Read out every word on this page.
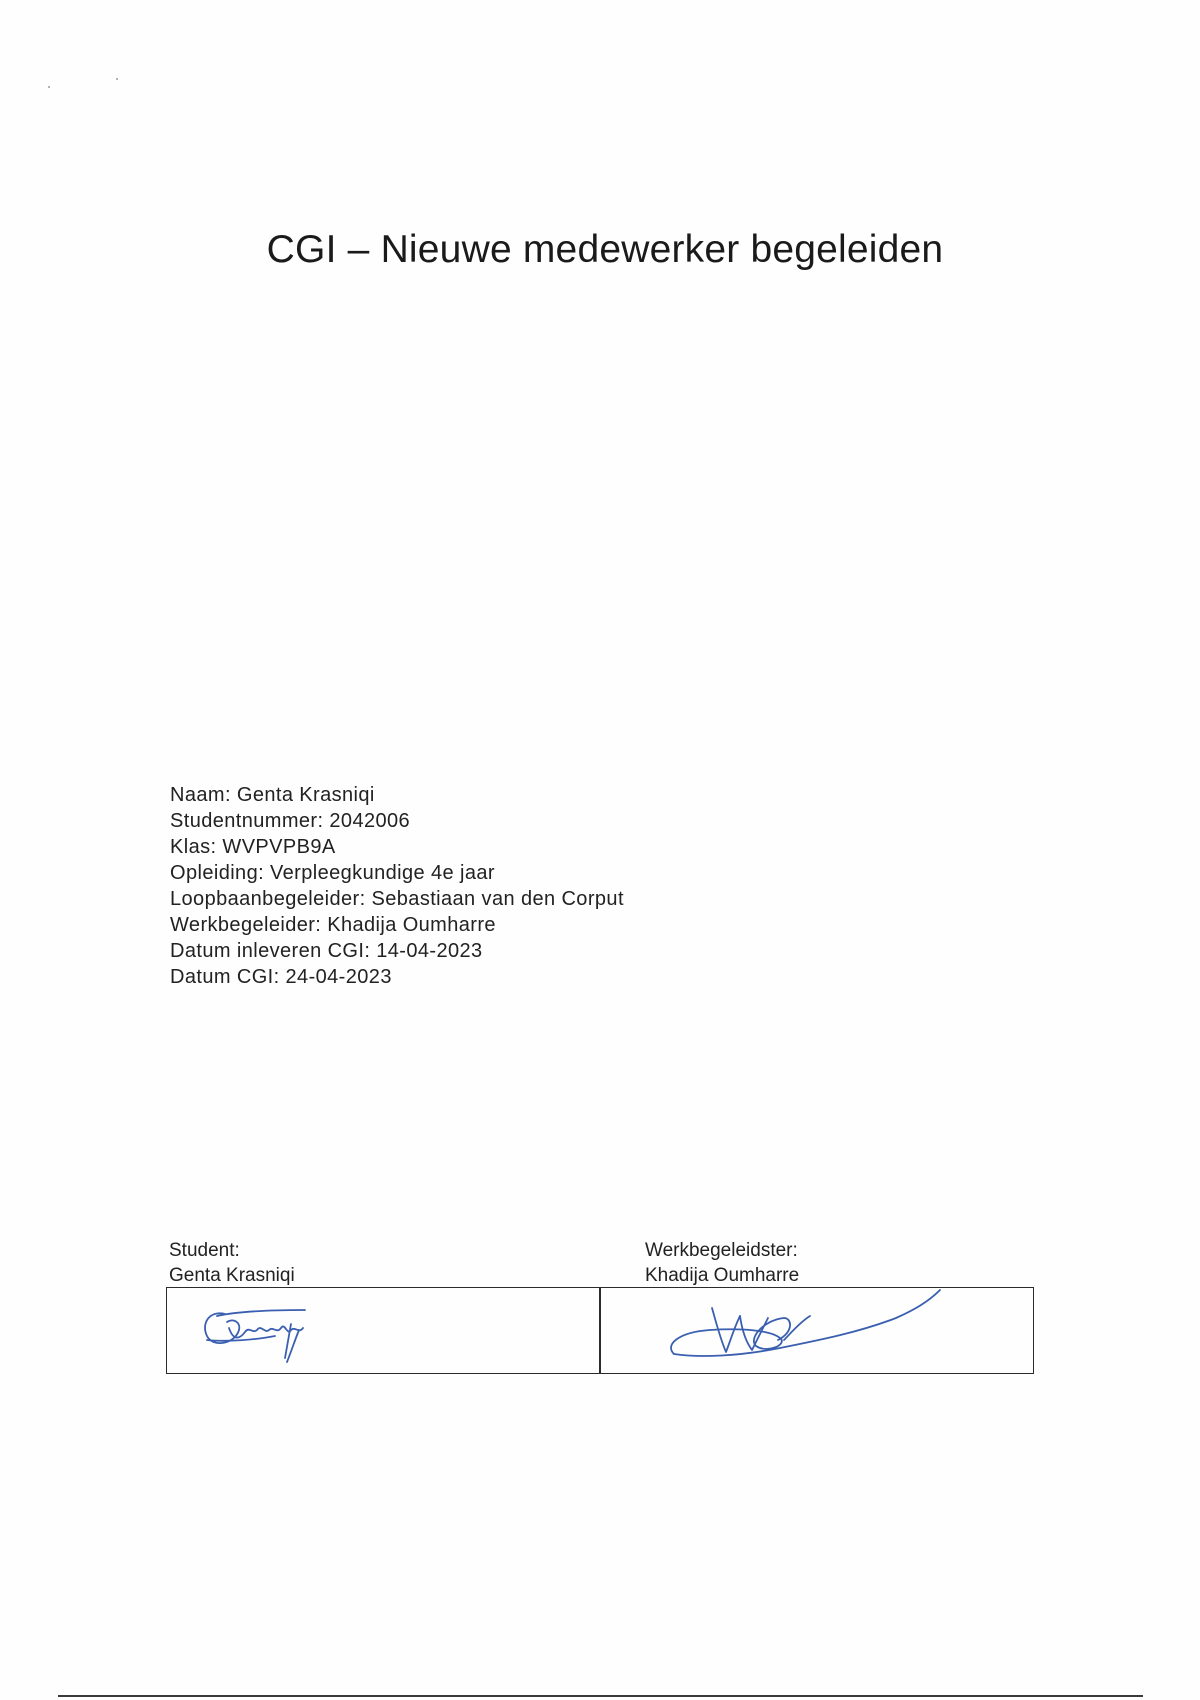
CGI – Nieuwe medewerker begeleiden
Naam: Genta Krasniqi
Studentnummer: 2042006
Klas: WVPVPB9A
Opleiding: Verpleegkundige 4e jaar
Loopbaanbegeleider: Sebastiaan van den Corput
Werkbegeleider: Khadija Oumharre
Datum inleveren CGI: 14-04-2023
Datum CGI: 24-04-2023
Student:
Genta Krasniqi
Werkbegeleidster:
Khadija Oumharre
